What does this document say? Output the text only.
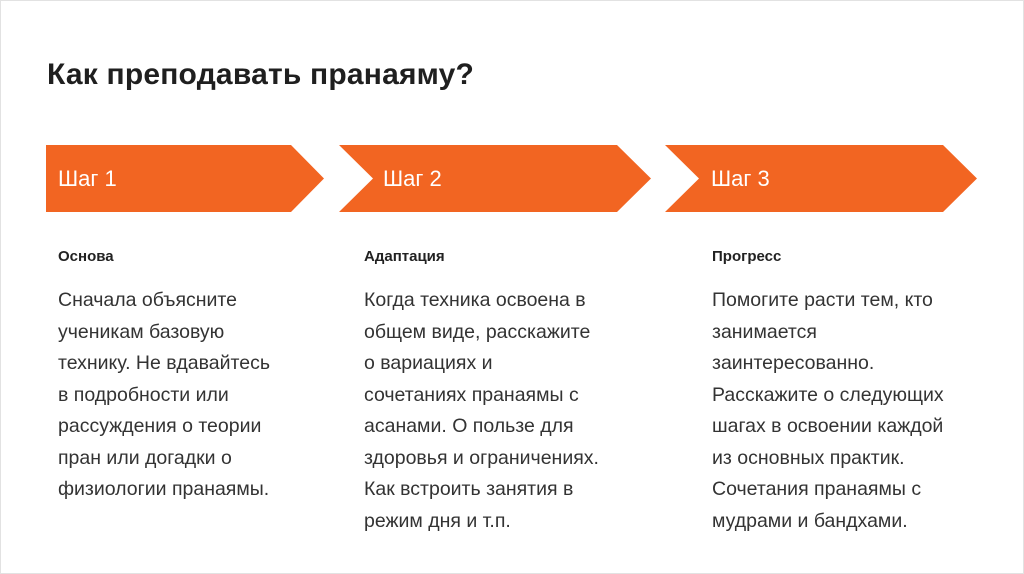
Как преподавать пранаяму?
Шаг 1	Шаг 2	Шаг 3
Основа
Сначала объясните
ученикам базовую
технику. Не вдавайтесь
в подробности или
рассуждения о теории
пран или догадки о
физиологии пранаямы.
Адаптация
Когда техника освоена в
общем виде, расскажите
о вариациях и
сочетаниях пранаямы с
асанами. О пользе для
здоровья и ограничениях.
Как встроить занятия в
режим дня и т.п.
Прогресс
Помогите расти тем, кто
занимается
заинтересованно.
Расскажите о следующих
шагах в освоении каждой
из основных практик.
Сочетания пранаямы с
мудрами и бандхами.
